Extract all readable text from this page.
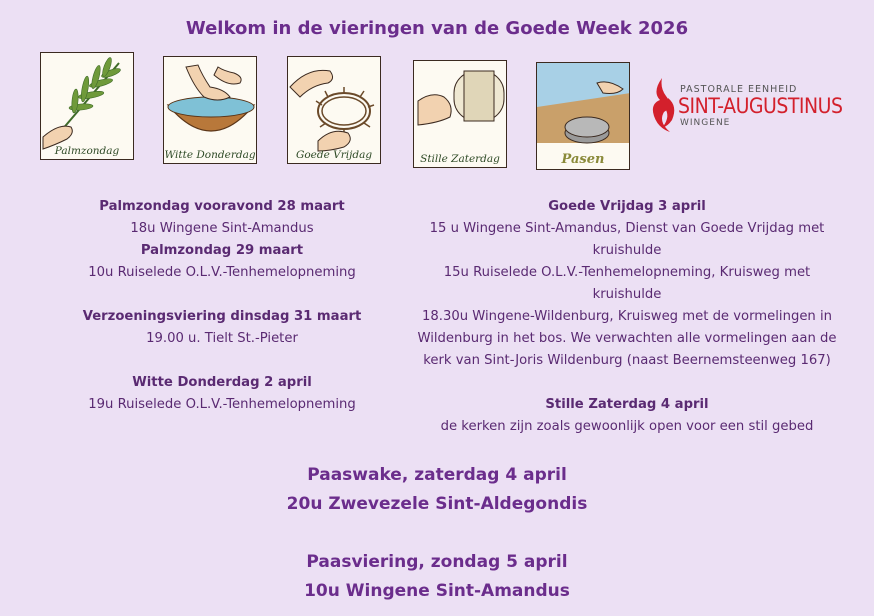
Welkom in de vieringen van de Goede Week 2026
Palmzondag	Witte Donderdag	Goede Vrijdag	Stille Zaterdag	Pasen
PASTORALE EENHEID
SINT-AUGUSTINUS
WINGENE
Palmzondag vooravond 28 maart
18u Wingene Sint-Amandus
Palmzondag 29 maart
10u Ruiselede O.L.V.-Tenhemelopneming
Verzoeningsviering dinsdag 31 maart
19.00 u. Tielt St.-Pieter
Witte Donderdag 2 april
19u Ruiselede O.L.V.-Tenhemelopneming
Goede Vrijdag 3 april
15 u Wingene Sint-Amandus, Dienst van Goede Vrijdag met
kruishulde
15u Ruiselede O.L.V.-Tenhemelopneming, Kruisweg met
kruishulde
18.30u Wingene-Wildenburg, Kruisweg met de vormelingen in
Wildenburg in het bos. We verwachten alle vormelingen aan de
kerk van Sint-Joris Wildenburg (naast Beernemsteenweg 167)
Stille Zaterdag 4 april
de kerken zijn zoals gewoonlijk open voor een stil gebed
Paaswake, zaterdag 4 april
20u Zwevezele Sint-Aldegondis
Paasviering, zondag 5 april
10u Wingene Sint-Amandus
